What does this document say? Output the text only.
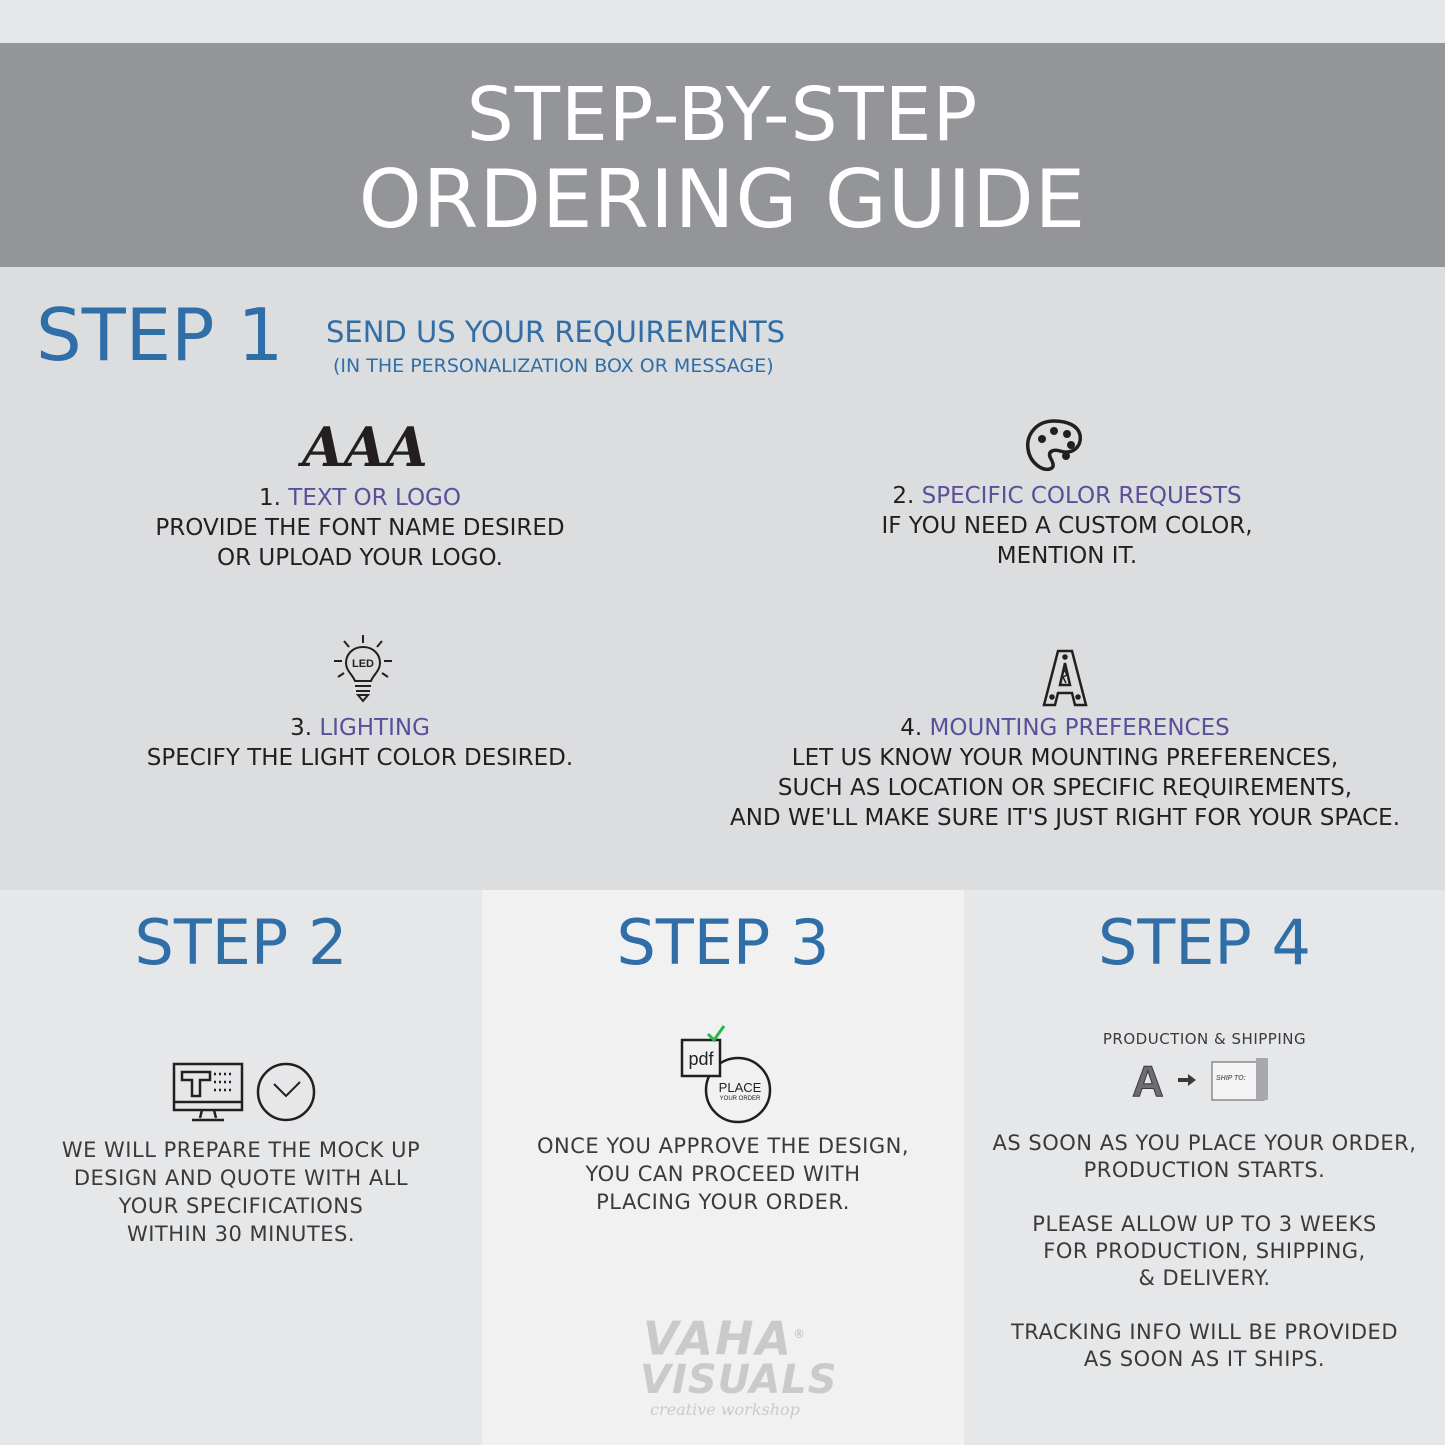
STEP-BY-STEP
ORDERING GUIDE
STEP 1 SEND US YOUR REQUIREMENTS
(IN THE PERSONALIZATION BOX OR MESSAGE)
AAA
1. TEXT OR LOGO
PROVIDE THE FONT NAME DESIRED
OR UPLOAD YOUR LOGO.
2. SPECIFIC COLOR REQUESTS
IF YOU NEED A CUSTOM COLOR,
MENTION IT.
LED
3. LIGHTING
SPECIFY THE LIGHT COLOR DESIRED.
4. MOUNTING PREFERENCES
LET US KNOW YOUR MOUNTING PREFERENCES,
SUCH AS LOCATION OR SPECIFIC REQUIREMENTS,
AND WE'LL MAKE SURE IT'S JUST RIGHT FOR YOUR SPACE.
STEP 2
WE WILL PREPARE THE MOCK UP
DESIGN AND QUOTE WITH ALL
YOUR SPECIFICATIONS
WITHIN 30 MINUTES.
STEP 3
pdf
PLACE
YOUR ORDER
ONCE YOU APPROVE THE DESIGN,
YOU CAN PROCEED WITH
PLACING YOUR ORDER.
VAHA®
VISUALS
creative workshop
STEP 4
PRODUCTION & SHIPPING
A	SHIP TO:
AS SOON AS YOU PLACE YOUR ORDER,
PRODUCTION STARTS.
PLEASE ALLOW UP TO 3 WEEKS
FOR PRODUCTION, SHIPPING,
& DELIVERY.
TRACKING INFO WILL BE PROVIDED
AS SOON AS IT SHIPS.
